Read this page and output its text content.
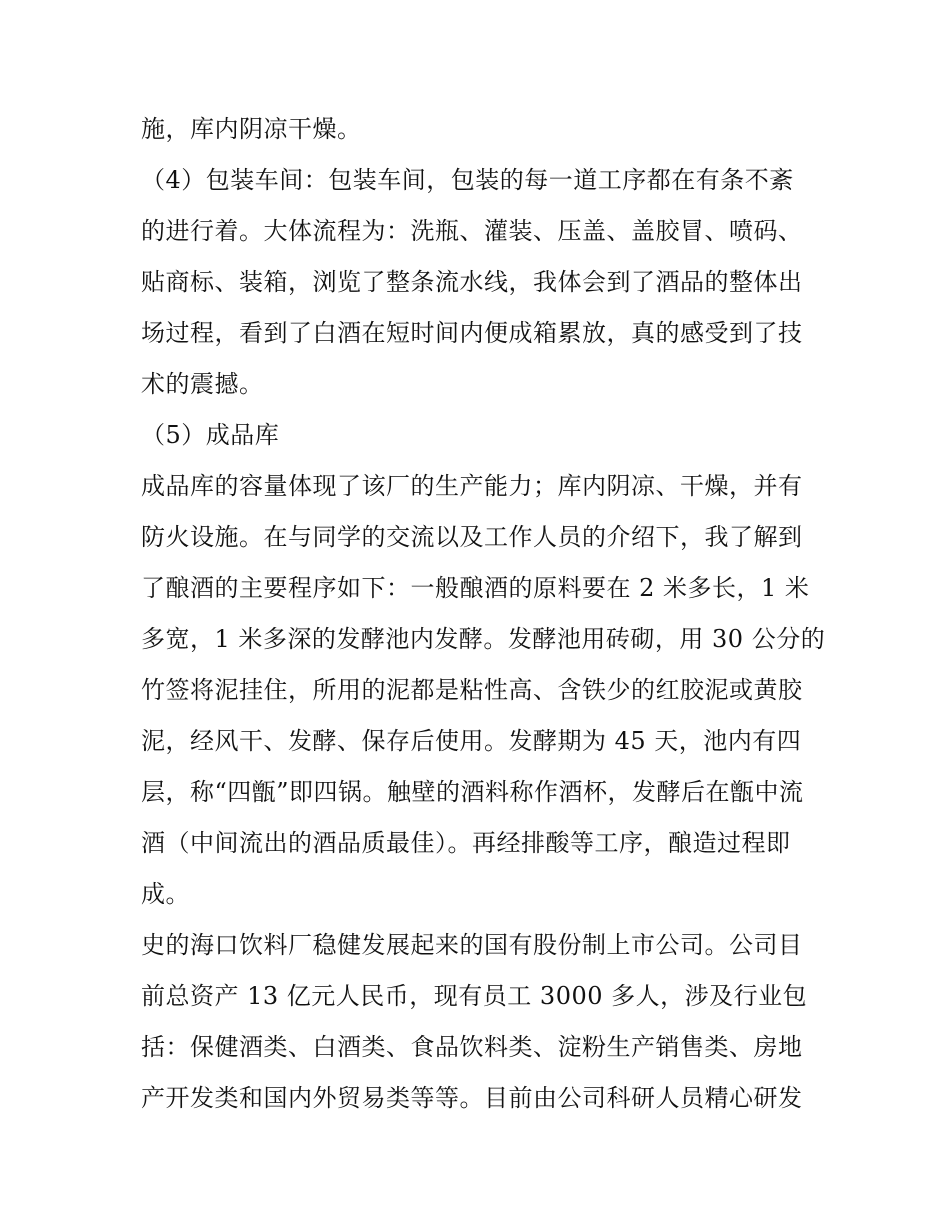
施，库内阴凉干燥。
（4）包装车间：包装车间，包装的每一道工序都在有条不紊
的进行着。大体流程为：洗瓶、灌装、压盖、盖胶冒、喷码、
贴商标、装箱，浏览了整条流水线，我体会到了酒品的整体出
场过程，看到了白酒在短时间内便成箱累放，真的感受到了技
术的震撼。
（5）成品库
成品库的容量体现了该厂的生产能力；库内阴凉、干燥，并有
防火设施。在与同学的交流以及工作人员的介绍下，我了解到
了酿酒的主要程序如下：一般酿酒的原料要在 2 米多长，1 米
多宽，1 米多深的发酵池内发酵。发酵池用砖砌，用 30 公分的
竹签将泥挂住，所用的泥都是粘性高、含铁少的红胶泥或黄胶
泥，经风干、发酵、保存后使用。发酵期为 45 天，池内有四
层，称“四甑”即四锅。触壁的酒料称作酒杯，发酵后在甑中流
酒（中间流出的酒品质最佳）。再经排酸等工序，酿造过程即
成。
史的海口饮料厂稳健发展起来的国有股份制上市公司。公司目
前总资产 13 亿元人民币，现有员工 3000 多人，涉及行业包
括：保健酒类、白酒类、食品饮料类、淀粉生产销售类、房地
产开发类和国内外贸易类等等。目前由公司科研人员精心研发
